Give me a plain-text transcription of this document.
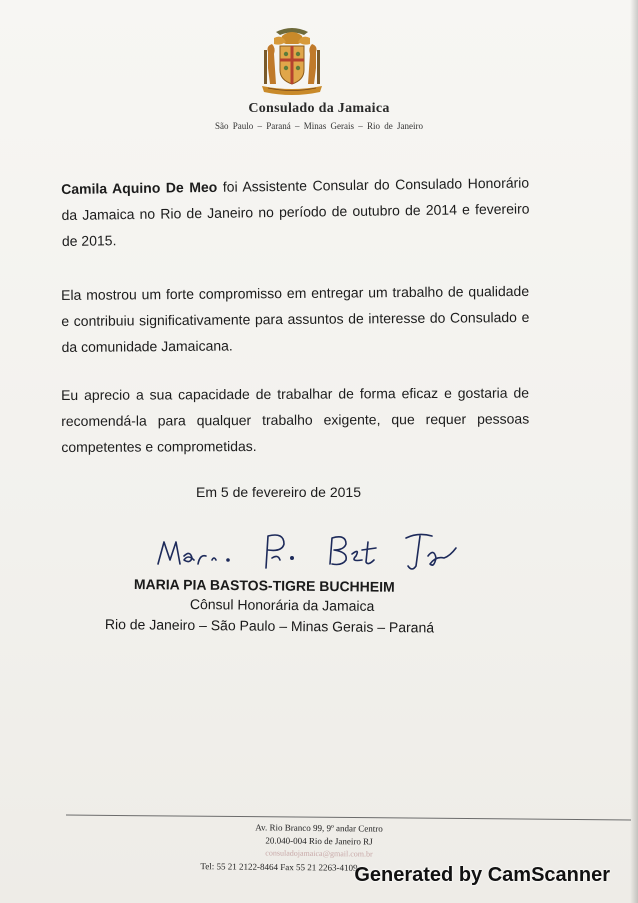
Consulado da Jamaica
São Paulo – Paraná – Minas Gerais – Rio de Janeiro
Camila Aquino De Meo foi Assistente Consular do Consulado Honorário da Jamaica no Rio de Janeiro no período de outubro de 2014 e fevereiro de 2015.
Ela mostrou um forte compromisso em entregar um trabalho de qualidade e contribuiu significativamente para assuntos de interesse do Consulado e da comunidade Jamaicana.
Eu aprecio a sua capacidade de trabalhar de forma eficaz e gostaria de recomendá-la para qualquer trabalho exigente, que requer pessoas competentes e comprometidas.
Em 5 de fevereiro de 2015
MARIA PIA BASTOS-TIGRE BUCHHEIM
Cônsul Honorária da Jamaica
Rio de Janeiro – São Paulo – Minas Gerais – Paraná
Av. Rio Branco 99, 9º andar Centro
20.040-004 Rio de Janeiro RJ
consuladojamaica@gmail.com.br
Tel: 55 21 2122-8464 Fax 55 21 2263-4109
Generated by CamScanner
